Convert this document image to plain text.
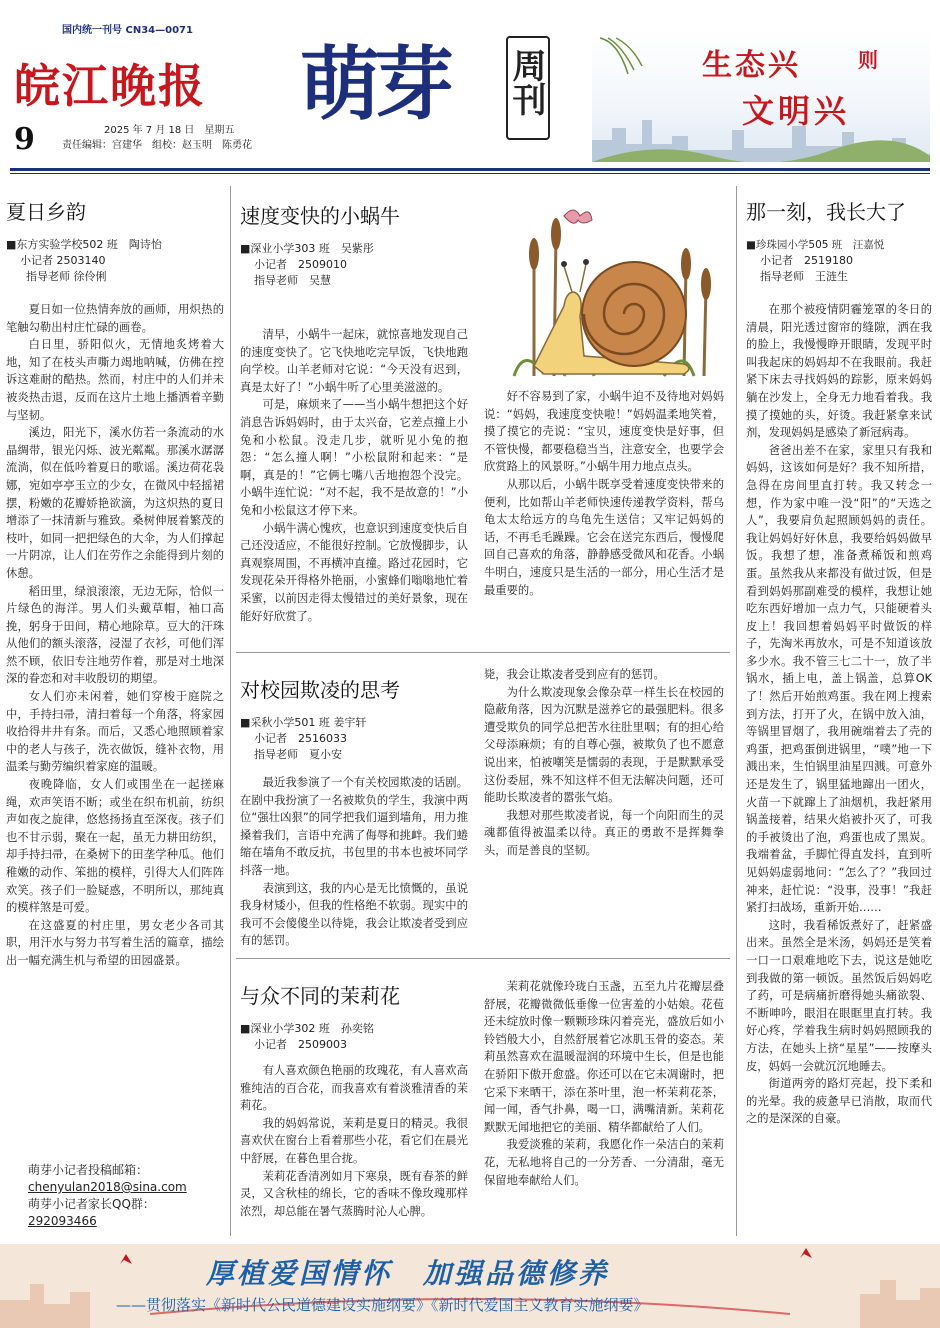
国内统一刊号 CN34—0071
皖江晚报
9	2025 年 7 月 18 日　星期五
责任编辑：宫建华　组校：赵玉明　陈勇花
萌芽 周刊	生态兴	则
文明兴
夏日乡韵
■东方实验学校502 班　陶诗怡
小记者 2503140
指导老师 徐伶俐

夏日如一位热情奔放的画师，用炽热的笔触勾勒出村庄忙碌的画卷。

白日里，骄阳似火，无情地炙烤着大地，知了在枝头声嘶力竭地呐喊，仿佛在控诉这难耐的酷热。然而，村庄中的人们并未被炎热击退，反而在这片土地上播洒着辛勤与坚韧。

溪边，阳光下，溪水仿若一条流动的水晶绸带，银光闪烁、波光粼粼。那溪水潺潺流淌，似在低吟着夏日的歌谣。溪边荷花袅娜，宛如亭亭玉立的少女，在微风中轻摇裙摆，粉嫩的花瓣娇艳欲滴，为这炽热的夏日增添了一抹清新与雅致。桑树伸展着繁茂的枝叶，如同一把把绿色的大伞，为人们撑起一片阴凉，让人们在劳作之余能得到片刻的休憩。

稻田里，绿浪滚滚，无边无际，恰似一片绿色的海洋。男人们头戴草帽，袖口高挽，躬身于田间，精心地除草。豆大的汗珠从他们的额头滚落，浸湿了衣衫，可他们浑然不顾，依旧专注地劳作着，那是对土地深深的眷恋和对丰收殷切的期望。

女人们亦未闲着，她们穿梭于庭院之中，手持扫帚，清扫着每一个角落，将家园收拾得井井有条。而后，又悉心地照顾着家中的老人与孩子，洗衣做饭，缝补衣物，用温柔与勤劳编织着家庭的温暖。

夜晚降临，女人们或围坐在一起搓麻绳，欢声笑语不断；或坐在织布机前，纺织声如夜之旋律，悠悠扬扬直至深夜。孩子们也不甘示弱，聚在一起，虽无力耕田纺织，却手持扫帚，在桑树下的田垄学种瓜。他们稚嫩的动作、笨拙的模样，引得大人们阵阵欢笑。孩子们一脸疑惑，不明所以，那纯真的模样煞是可爱。

在这盛夏的村庄里，男女老少各司其职，用汗水与努力书写着生活的篇章，描绘出一幅充满生机与希望的田园盛景。

萌芽小记者投稿邮箱：
chenyulan2018@sina.com
萌芽小记者家长QQ群：
292093466
速度变快的小蜗牛
■深业小学303 班　吴紫彤
小记者　2509010
指导老师　吴慧

清早，小蜗牛一起床，就惊喜地发现自己的速度变快了。它飞快地吃完早饭，飞快地跑向学校。山羊老师对它说：“今天没有迟到，真是太好了！”小蜗牛听了心里美滋滋的。

可是，麻烦来了——当小蜗牛想把这个好消息告诉妈妈时，由于太兴奋，它差点撞上小兔和小松鼠。没走几步，就听见小兔的抱怨：“怎么撞人啊！”小松鼠附和起来：“是啊，真是的！”它俩七嘴八舌地抱怨个没完。小蜗牛连忙说：“对不起，我不是故意的！”小兔和小松鼠这才停下来。

小蜗牛满心愧疚，也意识到速度变快后自己还没适应，不能很好控制。它放慢脚步，认真观察周围，不再横冲直撞。路过花园时，它发现花朵开得格外艳丽，小蜜蜂们嗡嗡地忙着采蜜，以前因走得太慢错过的美好景象，现在能好好欣赏了。

好不容易到了家，小蜗牛迫不及待地对妈妈说：“妈妈，我速度变快啦！”妈妈温柔地笑着，摸了摸它的壳说：“宝贝，速度变快是好事，但不管快慢，都要稳稳当当，注意安全，也要学会欣赏路上的风景呀。”小蜗牛用力地点点头。

从那以后，小蜗牛既享受着速度变快带来的便利，比如帮山羊老师快速传递教学资料，帮乌龟太太给远方的乌龟先生送信；又牢记妈妈的话，不再毛毛躁躁。它会在送完东西后，慢慢爬回自己喜欢的角落，静静感受微风和花香。小蜗牛明白，速度只是生活的一部分，用心生活才是最重要的。

对校园欺凌的思考
■采秋小学501 班 姜宇轩
小记者　2516033
指导老师　夏小安

最近我参演了一个有关校园欺凌的话剧。在剧中我扮演了一名被欺负的学生，我演中两位“强壮凶狠”的同学把我们逼到墙角，用力推搡着我们，言语中充满了侮辱和挑衅。我们蜷缩在墙角不敢反抗，书包里的书本也被坏同学抖落一地。

表演到这，我的内心是无比愤慨的，虽说我身材矮小，但我的性格绝不软弱。现实中的我可不会傻傻坐以待毙，我会让欺凌者受到应有的惩罚。

毙，我会让欺凌者受到应有的惩罚。

为什么欺凌现象会像杂草一样生长在校园的隐蔽角落，因为沉默是滋养它的最强肥料。很多遭受欺负的同学总把苦水往肚里咽；有的担心给父母添麻烦；有的自尊心强，被欺负了也不愿意说出来，怕被嘲笑是懦弱的表现，于是默默承受这份委屈，殊不知这样不但无法解决问题，还可能助长欺凌者的嚣张气焰。

我想对那些欺凌者说，每一个向阳而生的灵魂都值得被温柔以待。真正的勇敢不是挥舞拳头，而是善良的坚韧。

与众不同的茉莉花
■深业小学302 班　孙奕铭
小记者　2509003

有人喜欢颜色艳丽的玫瑰花，有人喜欢高雅纯洁的百合花，而我喜欢有着淡雅清香的茉莉花。

我的妈妈常说，茉莉是夏日的精灵。我很喜欢伏在窗台上看着那些小花，看它们在晨光中舒展，在暮色里合拢。

茉莉花香清冽如月下寒泉，既有春茶的鲜灵，又含秋桂的绵长，它的香味不像玫瑰那样浓烈，却总能在暑气蒸腾时沁人心脾。

茉莉花就像玲珑白玉盏，五至九片花瓣层叠舒展，花瓣微微低垂像一位害羞的小姑娘。花苞还未绽放时像一颗颗珍珠闪着亮光，盛放后如小铃铛般大小，自然舒展着它冰肌玉骨的姿态。茉莉虽然喜欢在温暖湿润的环境中生长，但是也能在骄阳下傲开愈盛。你还可以在它未凋谢时，把它采下来晒干，添在茶叶里，泡一杯茉莉花茶，闻一闻，香气扑鼻，喝一口，满嘴清新。茉莉花默默无闻地把它的美丽、精华都献给了人们。

我爱淡雅的茉莉，我愿化作一朵洁白的茉莉花，无私地将自己的一分芳香、一分清甜，毫无保留地奉献给人们。

那一刻，我长大了
■珍珠园小学505 班　汪嘉悦
小记者　2519180
指导老师　王涟生

在那个被疫情阴霾笼罩的冬日的清晨，阳光透过窗帘的缝隙，洒在我的脸上，我慢慢睁开眼睛，发现平时叫我起床的妈妈却不在我眼前。我赶紧下床去寻找妈妈的踪影，原来妈妈躺在沙发上，全身无力地看着我。我摸了摸她的头，好烫。我赶紧拿来试剂，发现妈妈是感染了新冠病毒。

爸爸出差不在家，家里只有我和妈妈，这该如何是好？我不知所措，急得在房间里直打转。我又转念一想，作为家中唯一没“阳”的“天选之人”，我要肩负起照顾妈妈的责任。我让妈妈好好休息，我要给妈妈做早饭。我想了想，准备煮稀饭和煎鸡蛋。虽然我从来都没有做过饭，但是看到妈妈那副难受的模样，我想让她吃东西好增加一点力气，只能硬着头皮上！我回想着妈妈平时做饭的样子，先淘米再放水，可是不知道该放多少水。我不管三七二十一，放了半锅水，插上电，盖上锅盖，总算OK了！然后开始煎鸡蛋。我在网上搜索到方法，打开了火，在锅中放入油，等锅里冒烟了，我用碗端着去了壳的鸡蛋，把鸡蛋倒进锅里，“噗”地一下溅出来，生怕锅里油星四溅。可意外还是发生了，锅里猛地蹿出一团火，火苗一下就蹿上了油烟机，我赶紧用锅盖接着，结果火焰被扑灭了，可我的手被烫出了泡，鸡蛋也成了黑炭。我端着盆，手脚忙得直发抖，直到听见妈妈虚弱地问：“怎么了？”我回过神来，赶忙说：“没事，没事！”我赶紧打扫战场，重新开始……

这时，我看稀饭煮好了，赶紧盛出来。虽然全是米汤，妈妈还是笑着一口一口艰难地吃下去，说这是她吃到我做的第一顿饭。虽然饭后妈妈吃了药，可是病痛折磨得她头痛欲裂、不断呻吟，眼泪在眼眶里直打转。我好心疼，学着我生病时妈妈照顾我的方法，在她头上挤“星星”——按摩头皮，妈妈一会就沉沉地睡去。

街道两旁的路灯亮起，投下柔和的光晕。我的疲惫早已消散，取而代之的是深深的自豪。

厚植爱国情怀　加强品德修养
——贯彻落实《新时代公民道德建设实施纲要》《新时代爱国主义教育实施纲要》
